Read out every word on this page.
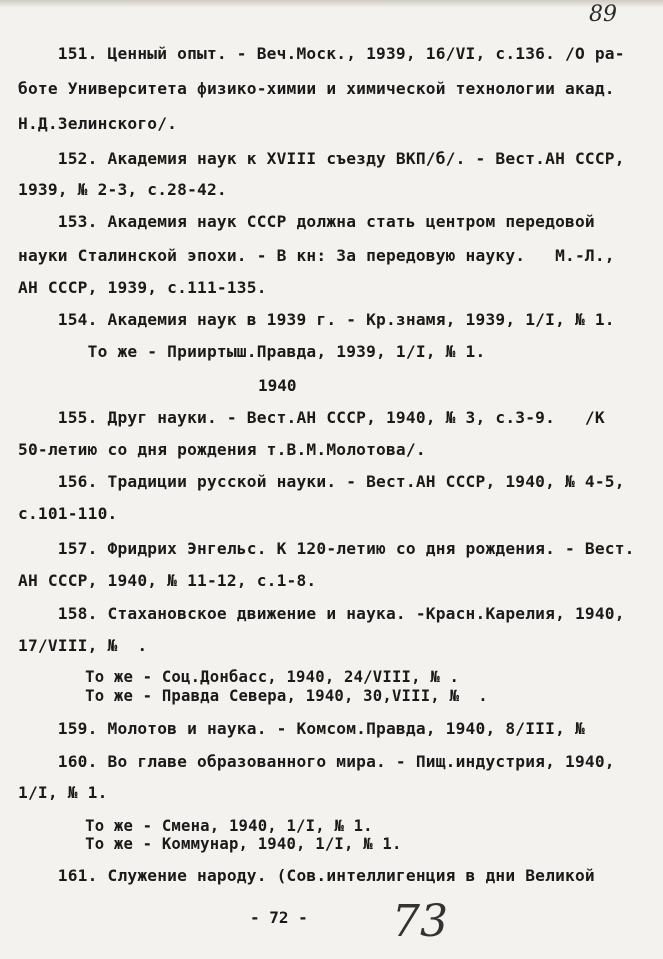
89
151. Ценный опыт. - Веч.Моск., 1939, 16/VI, с.136. /О ра-
боте Университета физико-химии и химической технологии акад.
Н.Д.Зелинского/.
152. Академия наук к XVIII съезду ВКП/б/. - Вест.АН СССР,
1939, № 2-3, с.28-42.
153. Академия наук СССР должна стать центром передовой
науки Сталинской эпохи. - В кн: За передовую науку.   М.-Л.,
АН СССР, 1939, с.111-135.
154. Академия наук в 1939 г. - Кр.знамя, 1939, 1/I, № 1.
То же - Прииртыш.Правда, 1939, 1/I, № 1.
1940
155. Друг науки. - Вест.АН СССР, 1940, № 3, с.3-9.   /К
50-летию со дня рождения т.В.М.Молотова/.
156. Традиции русской науки. - Вест.АН СССР, 1940, № 4-5,
с.101-110.
157. Фридрих Энгельс. К 120-летию со дня рождения. - Вест.
АН СССР, 1940, № 11-12, с.1-8.
158. Стахановское движение и наука. -Красн.Карелия, 1940,
17/VIII, №  .
То же - Соц.Донбасс, 1940, 24/VIII, № .
То же - Правда Севера, 1940, 30,VIII, №  .
159. Молотов и наука. - Комсом.Правда, 1940, 8/III, №
160. Во главе образованного мира. - Пищ.индустрия, 1940,
1/I, № 1.
То же - Смена, 1940, 1/I, № 1.
То же - Коммунар, 1940, 1/I, № 1.
161. Служение народу. (Сов.интеллигенция в дни Великой
- 72 - 73
